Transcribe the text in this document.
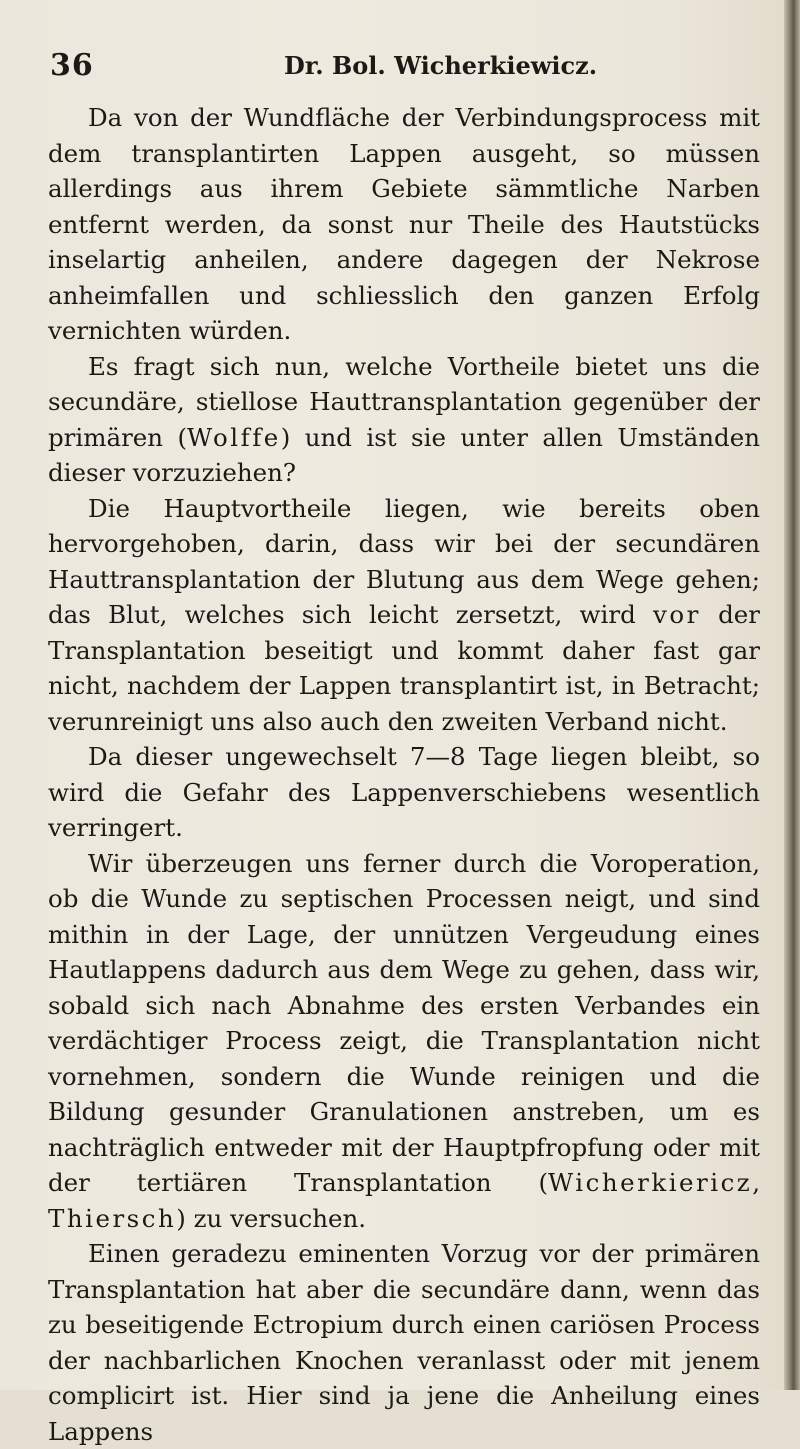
36	Dr. Bol. Wicherkiewicz.

Da von der Wundfläche der Verbindungsprocess mit dem transplantirten Lappen ausgeht, so müssen allerdings aus ihrem Gebiete sämmtliche Narben entfernt werden, da sonst nur Theile des Hautstücks inselartig anheilen, andere dagegen der Nekrose anheimfallen und schliesslich den ganzen Erfolg vernichten würden.

Es fragt sich nun, welche Vortheile bietet uns die secundäre, stiellose Hauttransplantation gegenüber der primären (Wolffe) und ist sie unter allen Umständen dieser vorzuziehen?

Die Hauptvortheile liegen, wie bereits oben hervorgehoben, darin, dass wir bei der secundären Hauttransplantation der Blutung aus dem Wege gehen; das Blut, welches sich leicht zersetzt, wird vor der Transplantation beseitigt und kommt daher fast gar nicht, nachdem der Lappen transplantirt ist, in Betracht; verunreinigt uns also auch den zweiten Verband nicht.

Da dieser ungewechselt 7—8 Tage liegen bleibt, so wird die Gefahr des Lappenverschiebens wesentlich verringert.

Wir überzeugen uns ferner durch die Voroperation, ob die Wunde zu septischen Processen neigt, und sind mithin in der Lage, der unnützen Vergeudung eines Hautlappens dadurch aus dem Wege zu gehen, dass wir, sobald sich nach Abnahme des ersten Verbandes ein verdächtiger Process zeigt, die Transplantation nicht vornehmen, sondern die Wunde reinigen und die Bildung gesunder Granulationen anstreben, um es nachträglich entweder mit der Hauptpfropfung oder mit der tertiären Transplantation (Wicherkiericz, Thiersch) zu versuchen.

Einen geradezu eminenten Vorzug vor der primären Transplantation hat aber die secundäre dann, wenn das zu beseitigende Ectropium durch einen cariösen Process der nachbarlichen Knochen veranlasst oder mit jenem complicirt ist. Hier sind ja jene die Anheilung eines Lappens
